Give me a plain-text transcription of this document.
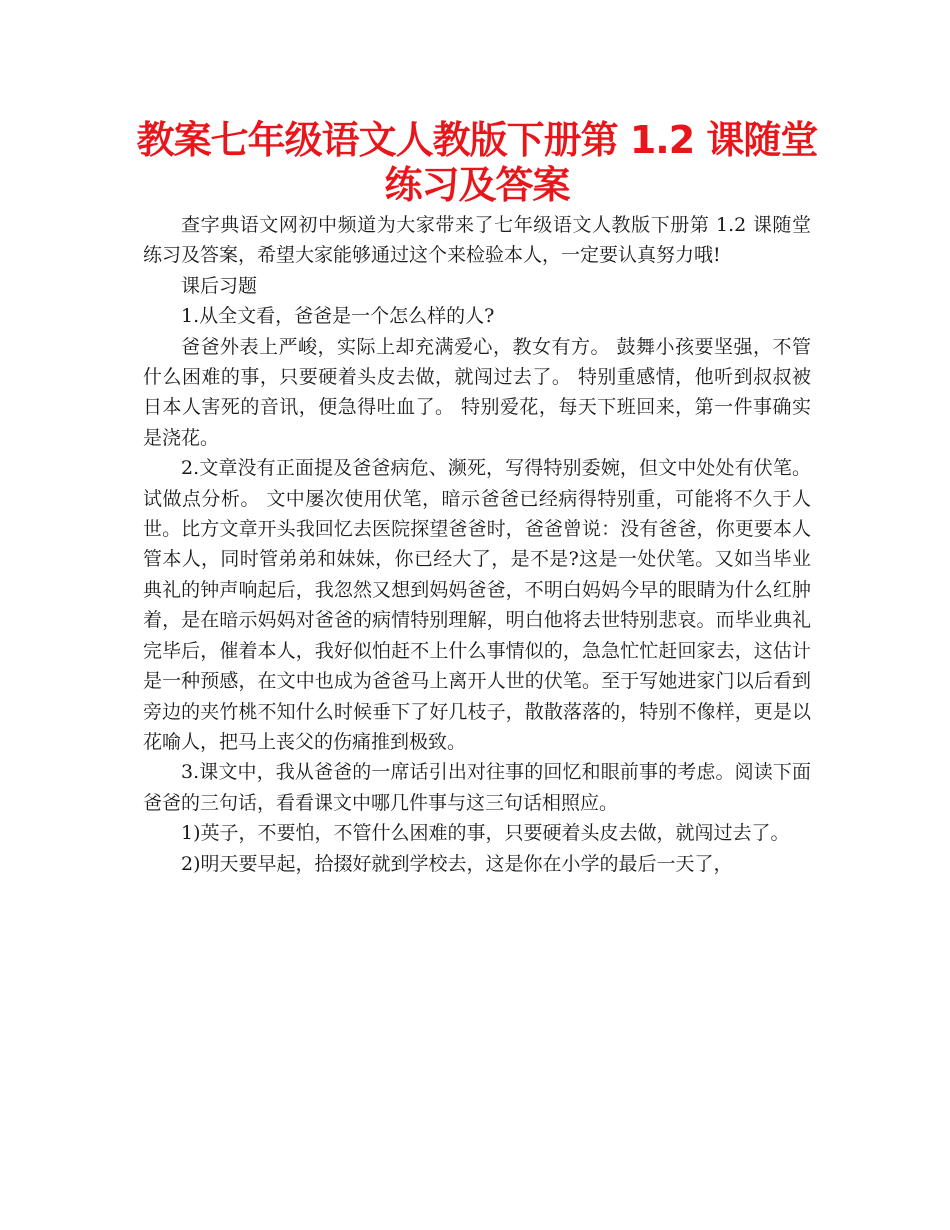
教案七年级语文人教版下册第 1.2 课随堂练习及答案

查字典语文网初中频道为大家带来了七年级语文人教版下册第 1.2 课随堂练习及答案，希望大家能够通过这个来检验本人，一定要认真努力哦!

课后习题

1.从全文看，爸爸是一个怎么样的人?

爸爸外表上严峻，实际上却充满爱心，教女有方。 鼓舞小孩要坚强，不管什么困难的事，只要硬着头皮去做，就闯过去了。 特别重感情，他听到叔叔被日本人害死的音讯，便急得吐血了。 特别爱花，每天下班回来，第一件事确实是浇花。

2.文章没有正面提及爸爸病危、濒死，写得特别委婉，但文中处处有伏笔。试做点分析。 文中屡次使用伏笔，暗示爸爸已经病得特别重，可能将不久于人世。比方文章开头我回忆去医院探望爸爸时，爸爸曾说：没有爸爸，你更要本人管本人，同时管弟弟和妹妹，你已经大了，是不是?这是一处伏笔。又如当毕业典礼的钟声响起后，我忽然又想到妈妈爸爸，不明白妈妈今早的眼睛为什么红肿着，是在暗示妈妈对爸爸的病情特别理解，明白他将去世特别悲哀。而毕业典礼完毕后，催着本人，我好似怕赶不上什么事情似的，急急忙忙赶回家去，这估计是一种预感，在文中也成为爸爸马上离开人世的伏笔。至于写她进家门以后看到旁边的夹竹桃不知什么时候垂下了好几枝子，散散落落的，特别不像样，更是以花喻人，把马上丧父的伤痛推到极致。

3.课文中，我从爸爸的一席话引出对往事的回忆和眼前事的考虑。阅读下面爸爸的三句话，看看课文中哪几件事与这三句话相照应。

1)英子，不要怕，不管什么困难的事，只要硬着头皮去做，就闯过去了。

2)明天要早起，拾掇好就到学校去，这是你在小学的最后一天了，
